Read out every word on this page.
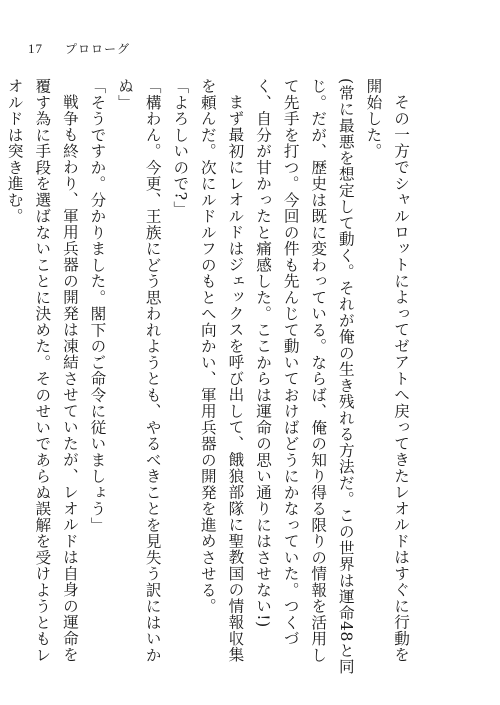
17 プロローグ

その一方でシャルロットによってゼアトへ戻ってきたレオルドはすぐに行動を開始した。

(常に最悪を想定して動く。それが俺の生き残れる方法だ。この世界は運命48と同じ。だが、歴史は既に変わっている。ならば、俺の知り得る限りの情報を活用して先手を打つ。今回の件も先んじて動いておけばどうにかなっていた。つくづく、自分が甘かったと痛感した。ここからは運命の思い通りにはさせない!)

まず最初にレオルドはジェックスを呼び出して、餓狼部隊に聖教国の情報収集を頼んだ。次にルドルフのもとへ向かい、軍用兵器の開発を進めさせる。

「よろしいので?」

「構わん。今更、王族にどう思われようとも、やるべきことを見失う訳にはいかぬ」

「そうですか。分かりました。閣下のご命令に従いましょう」

戦争も終わり、軍用兵器の開発は凍結させていたが、レオルドは自身の運命を覆す為に手段を選ばないことに決めた。そのせいであらぬ誤解を受けようともレオルドは突き進む。
